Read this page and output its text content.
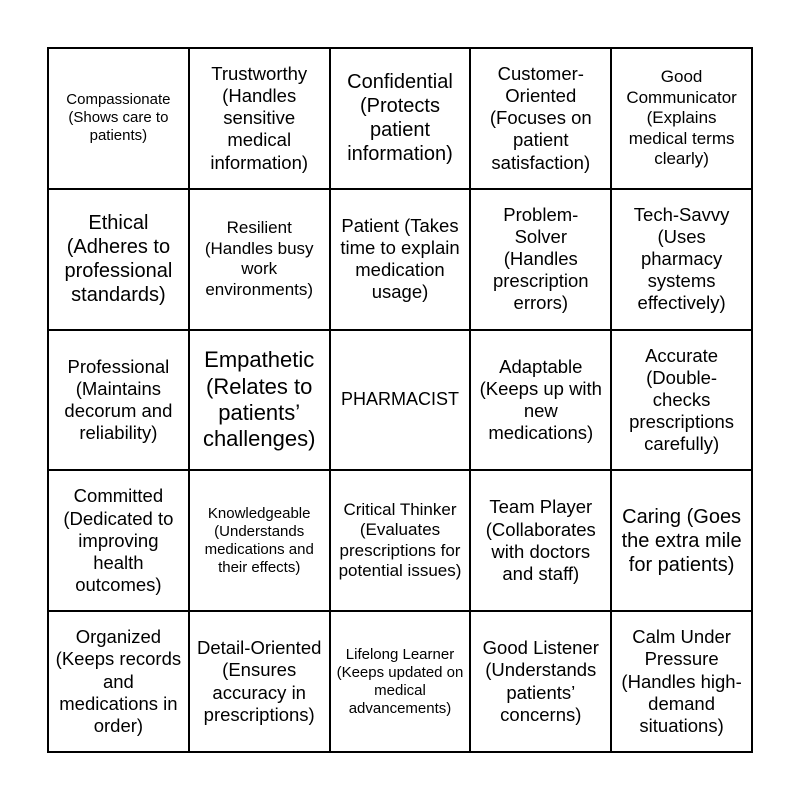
Compassionate (Shows care to patients)
Trustworthy (Handles sensitive medical information)
Confidential (Protects patient information)
Customer-Oriented (Focuses on patient satisfaction)
Good Communicator (Explains medical terms clearly)
Ethical (Adheres to professional standards)
Resilient (Handles busy work environments)
Patient (Takes time to explain medication usage)
Problem-Solver (Handles prescription errors)
Tech-Savvy (Uses pharmacy systems effectively)
Professional (Maintains decorum and reliability)
Empathetic (Relates to patients’ challenges)
PHARMACIST
Adaptable (Keeps up with new medications)
Accurate (Double-checks prescriptions carefully)
Committed (Dedicated to improving health outcomes)
Knowledgeable (Understands medications and their effects)
Critical Thinker (Evaluates prescriptions for potential issues)
Team Player (Collaborates with doctors and staff)
Caring (Goes the extra mile for patients)
Organized (Keeps records and medications in order)
Detail-Oriented (Ensures accuracy in prescriptions)
Lifelong Learner (Keeps updated on medical advancements)
Good Listener (Understands patients’ concerns)
Calm Under Pressure (Handles high-demand situations)
